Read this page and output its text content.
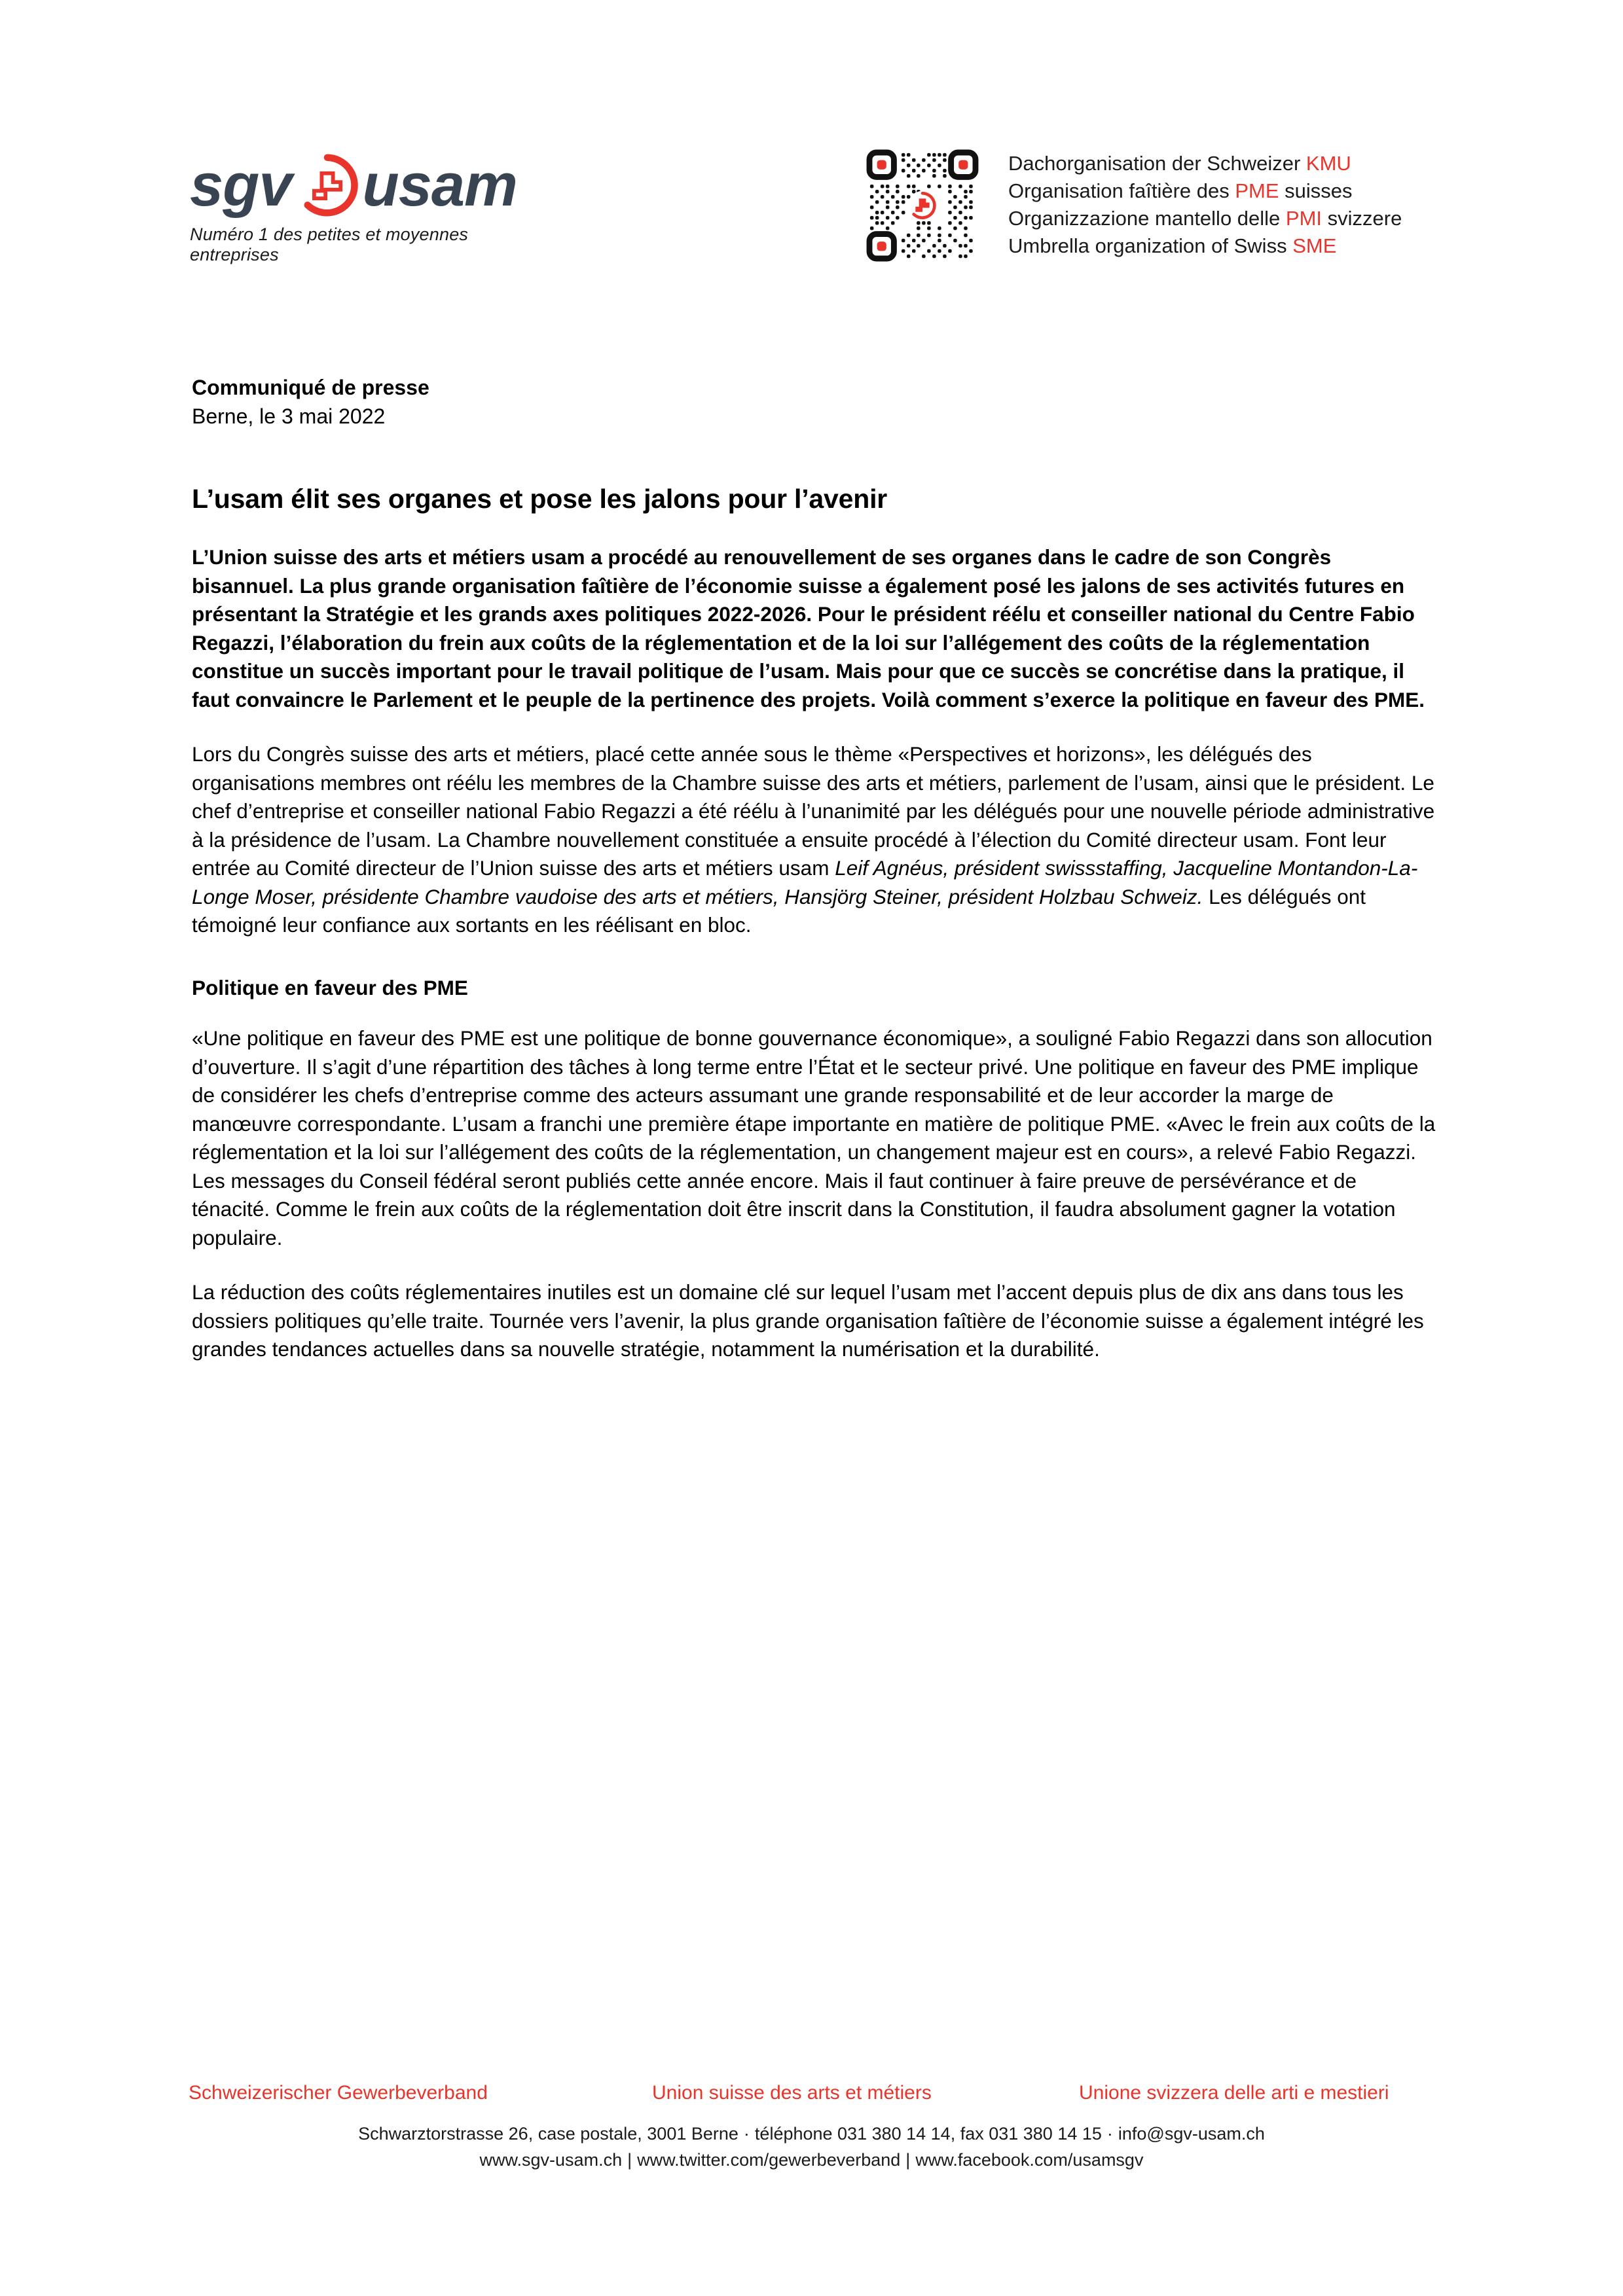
sgv usam
Numéro 1 des petites et moyennes entreprises
Dachorganisation der Schweizer KMU
Organisation faîtière des PME suisses
Organizzazione mantello delle PMI svizzere
Umbrella organization of Swiss SME
Communiqué de presse
Berne, le 3 mai 2022
L’usam élit ses organes et pose les jalons pour l’avenir

L’Union suisse des arts et métiers usam a procédé au renouvellement de ses organes dans le cadre de son Congrès bisannuel. La plus grande organisation faîtière de l’économie suisse a également posé les jalons de ses activités futures en présentant la Stratégie et les grands axes politiques 2022-2026. Pour le président réélu et conseiller national du Centre Fabio Regazzi, l’élaboration du frein aux coûts de la réglementation et de la loi sur l’allégement des coûts de la réglementation constitue un succès important pour le travail politique de l’usam. Mais pour que ce succès se concrétise dans la pratique, il faut convaincre le Parlement et le peuple de la pertinence des projets. Voilà comment s’exerce la politique en faveur des PME.

Lors du Congrès suisse des arts et métiers, placé cette année sous le thème «Perspectives et horizons», les délégués des organisations membres ont réélu les membres de la Chambre suisse des arts et métiers, parlement de l’usam, ainsi que le président. Le chef d’entreprise et conseiller national Fabio Regazzi a été réélu à l’unanimité par les délégués pour une nouvelle période administrative à la présidence de l’usam. La Chambre nouvellement constituée a ensuite procédé à l’élection du Comité directeur usam. Font leur entrée au Comité directeur de l’Union suisse des arts et métiers usam Leif Agnéus, président swissstaffing, Jacqueline Montandon-La-Longe Moser, présidente Chambre vaudoise des arts et métiers, Hansjörg Steiner, président Holzbau Schweiz. Les délégués ont témoigné leur confiance aux sortants en les réélisant en bloc.

Politique en faveur des PME

«Une politique en faveur des PME est une politique de bonne gouvernance économique», a souligné Fabio Regazzi dans son allocution d’ouverture. Il s’agit d’une répartition des tâches à long terme entre l’État et le secteur privé. Une politique en faveur des PME implique de considérer les chefs d’entreprise comme des acteurs assumant une grande responsabilité et de leur accorder la marge de manœuvre correspondante. L’usam a franchi une première étape importante en matière de politique PME. «Avec le frein aux coûts de la réglementation et la loi sur l’allégement des coûts de la réglementation, un changement majeur est en cours», a relevé Fabio Regazzi. Les messages du Conseil fédéral seront publiés cette année encore. Mais il faut continuer à faire preuve de persévérance et de ténacité. Comme le frein aux coûts de la réglementation doit être inscrit dans la Constitution, il faudra absolument gagner la votation populaire.

La réduction des coûts réglementaires inutiles est un domaine clé sur lequel l’usam met l’accent depuis plus de dix ans dans tous les dossiers politiques qu’elle traite. Tournée vers l’avenir, la plus grande organisation faîtière de l’économie suisse a également intégré les grandes tendances actuelles dans sa nouvelle stratégie, notamment la numérisation et la durabilité.

Schweizerischer Gewerbeverband	Union suisse des arts et métiers	Unione svizzera delle arti e mestieri
Schwarztorstrasse 26, case postale, 3001 Berne · téléphone 031 380 14 14, fax 031 380 14 15 · info@sgv-usam.ch
www.sgv-usam.ch | www.twitter.com/gewerbeverband | www.facebook.com/usamsgv
